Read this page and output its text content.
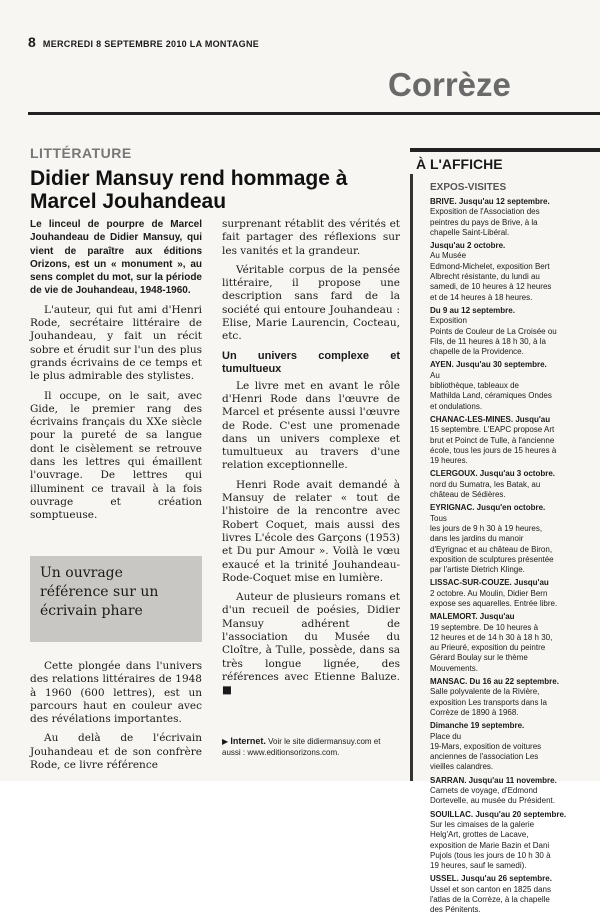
8 MERCREDI 8 SEPTEMBRE 2010 LA MONTAGNE
Corrèze
LITTÉRATURE
Didier Mansuy rend hommage à Marcel Jouhandeau
Le linceul de pourpre de Marcel Jouhandeau de Didier Mansuy, qui vient de paraître aux éditions Orizons, est un « monument », au sens complet du mot, sur la période de vie de Jouhandeau, 1948-1960.

L'auteur, qui fut ami d'Henri Rode, secrétaire littéraire de Jouhandeau, y fait un récit sobre et érudit sur l'un des plus grands écrivains de ce temps et le plus admirable des stylistes.

Il occupe, on le sait, avec Gide, le premier rang des écrivains français du XXe siècle pour la pureté de sa langue dont le cisèlement se retrouve dans les lettres qui émaillent l'ouvrage. De lettres qui illuminent ce travail à la fois ouvrage et création somptueuse.

Un ouvrage référence sur un écrivain phare

Cette plongée dans l'univers des relations littéraires de 1948 à 1960 (600 lettres), est un parcours haut en couleur avec des révélations importantes.

Au delà de l'écrivain Jouhandeau et de son confrère Rode, ce livre référence

surprenant rétablit des vérités et fait partager des réflexions sur les vanités et la grandeur.

Véritable corpus de la pensée littéraire, il propose une description sans fard de la société qui entoure Jouhandeau : Elise, Marie Laurencin, Cocteau, etc.

Un univers complexe et tumultueux

Le livre met en avant le rôle d'Henri Rode dans l'œuvre de Marcel et présente aussi l'œuvre de Rode. C'est une promenade dans un univers complexe et tumultueux au travers d'une relation exceptionnelle.

Henri Rode avait demandé à Mansuy de relater « tout de l'histoire de la rencontre avec Robert Coquet, mais aussi des livres L'école des Garçons (1953) et Du pur Amour ». Voilà le vœu exaucé et la trinité Jouhandeau-Rode-Coquet mise en lumière.

Auteur de plusieurs romans et d'un recueil de poésies, Didier Mansuy adhérent de l'association du Musée du Cloître, à Tulle, possède, dans sa très longue lignée, des références avec Etienne Baluze. ■

▶ Internet. Voir le site didiermansuy.com et aussi : www.editionsorizons.com.
À L'AFFICHE
EXPOS-VISITES
BRIVE. Jusqu'au 12 septembre.
Exposition de l'Association des
peintres du pays de Brive, à la
chapelle Saint-Libéral.
Jusqu'au 2 octobre.
Au Musée
Edmond-Michelet, exposition Bert
Albrecht résistante, du lundi au
samedi, de 10 heures à 12 heures
et de 14 heures à 18 heures.
Du 9 au 12 septembre.
Exposition
Points de Couleur de La Croisée ou
Fils, de 11 heures à 18 h 30, à la
chapelle de la Providence.
AYEN. Jusqu'au 30 septembre.
Au
bibliothèque, tableaux de
Mathilda Land, céramiques Ondes
et ondulations.
CHANAC-LES-MINES. Jusqu'au
15 septembre. L'EAPC propose Art
brut et Poinct de Tulle, à l'ancienne
école, tous les jours de 15 heures à
19 heures.
CLERGOUX. Jusqu'au 3 octobre.
nord du Sumatra, les Batak, au
château de Sédières.
EYRIGNAC. Jusqu'en octobre.
Tous
les jours de 9 h 30 à 19 heures,
dans les jardins du manoir
d'Eyrignac et au château de Biron,
exposition de sculptures présentée
par l'artiste Dietrich Klinge.
LISSAC-SUR-COUZE. Jusqu'au
2 octobre. Au Moulin, Didier Bern
expose ses aquarelles. Entrée libre.
MALEMORT. Jusqu'au
19 septembre. De 10 heures à
12 heures et de 14 h 30 à 18 h 30,
au Prieuré, exposition du peintre
Gérard Boulay sur le thème
Mouvements.
MANSAC. Du 16 au 22 septembre.
Salle polyvalente de la Rivière,
exposition Les transports dans la
Corrèze de 1890 à 1968.
Dimanche 19 septembre.
Place du
19-Mars, exposition de voitures
anciennes de l'association Les
vieilles calandres.
SARRAN. Jusqu'au 11 novembre.
Carnets de voyage, d'Edmond
Dortevelle, au musée du Président.
SOUILLAC. Jusqu'au 20 septembre.
Sur les cimaises de la galerie
Helg'Art, grottes de Lacave,
exposition de Marie Bazin et Dani
Pujols (tous les jours de 10 h 30 à
19 heures, sauf le samedi).
USSEL. Jusqu'au 26 septembre.
Ussel et son canton en 1825 dans
l'atlas de la Corrèze, à la chapelle
des Pénitents.
